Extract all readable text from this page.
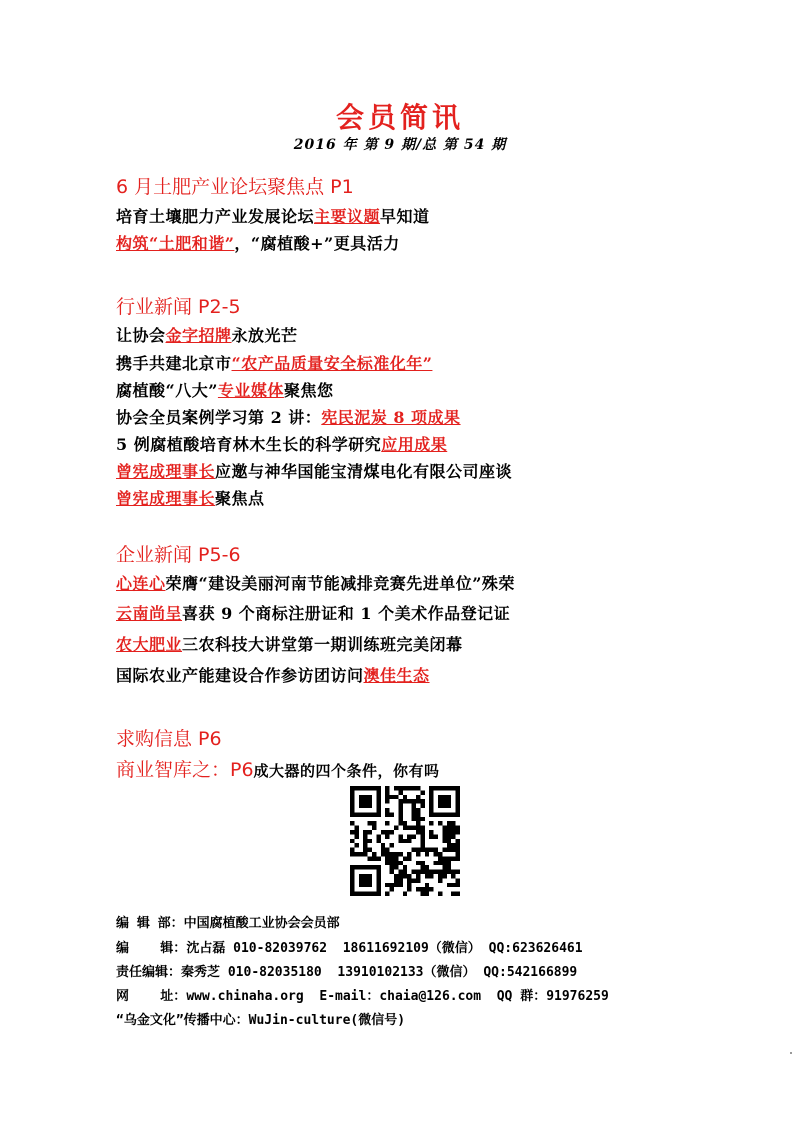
会员简讯
2016 年 第 9 期/总 第 54 期
6 月土肥产业论坛聚焦点 P1
培育土壤肥力产业发展论坛主要议题早知道
构筑“土肥和谐”，“腐植酸+”更具活力
行业新闻 P2-5
让协会金字招牌永放光芒
携手共建北京市“农产品质量安全标准化年”
腐植酸“八大”专业媒体聚焦您
协会全员案例学习第 2 讲：宪民泥炭 8 项成果
5 例腐植酸培育林木生长的科学研究应用成果
曾宪成理事长应邀与神华国能宝清煤电化有限公司座谈
曾宪成理事长聚焦点
企业新闻 P5-6
心连心荣膺“建设美丽河南节能减排竞赛先进单位”殊荣
云南尚呈喜获 9 个商标注册证和 1 个美术作品登记证
农大肥业三农科技大讲堂第一期训练班完美闭幕
国际农业产能建设合作参访团访问澳佳生态
求购信息 P6
商业智库之：P6成大器的四个条件，你有吗
编 辑 部：中国腐植酸工业协会会员部
编    辑：沈占磊 010-82039762  18611692109（微信） QQ:623626461
责任编辑：秦秀芝 010-82035180  13910102133（微信） QQ:542166899
网    址：www.chinaha.org  E-mail：chaia@126.com  QQ 群：91976259
“乌金文化”传播中心：WuJin-culture(微信号)
